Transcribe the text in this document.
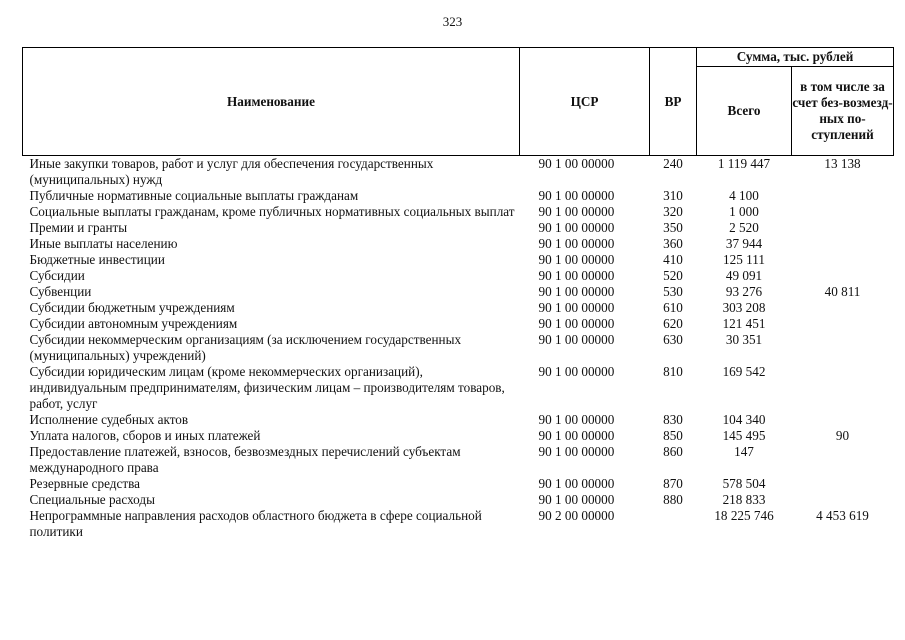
323
Наименование	ЦСР	ВР	Сумма, тыс. рублей	
			Всего	в том числе за счет без-возмезд-ных по-ступлений
Иные закупки товаров, работ и услуг для обеспечения государственных (муниципальных) нужд	90 1 00 00000	240	1 119 447	13 138
Публичные нормативные социальные выплаты гражданам	90 1 00 00000	310	4 100	
Социальные выплаты гражданам, кроме публичных нормативных социальных выплат	90 1 00 00000	320	1 000	
Премии и гранты	90 1 00 00000	350	2 520	
Иные выплаты населению	90 1 00 00000	360	37 944	
Бюджетные инвестиции	90 1 00 00000	410	125 111	
Субсидии	90 1 00 00000	520	49 091	
Субвенции	90 1 00 00000	530	93 276	40 811
Субсидии бюджетным учреждениям	90 1 00 00000	610	303 208	
Субсидии автономным учреждениям	90 1 00 00000	620	121 451	
Субсидии некоммерческим организациям (за исключением государственных (муниципальных) учреждений)	90 1 00 00000	630	30 351	
Субсидии юридическим лицам (кроме некоммерческих организаций), индивидуальным предпринимателям, физическим лицам – производителям товаров, работ, услуг	90 1 00 00000	810	169 542	
Исполнение судебных актов	90 1 00 00000	830	104 340	
Уплата налогов, сборов и иных платежей	90 1 00 00000	850	145 495	90
Предоставление платежей, взносов, безвозмездных перечислений субъектам международного права	90 1 00 00000	860	147	
Резервные средства	90 1 00 00000	870	578 504	
Специальные расходы	90 1 00 00000	880	218 833	
Непрограммные направления расходов областного бюджета в сфере социальной политики	90 2 00 00000		18 225 746	4 453 619
